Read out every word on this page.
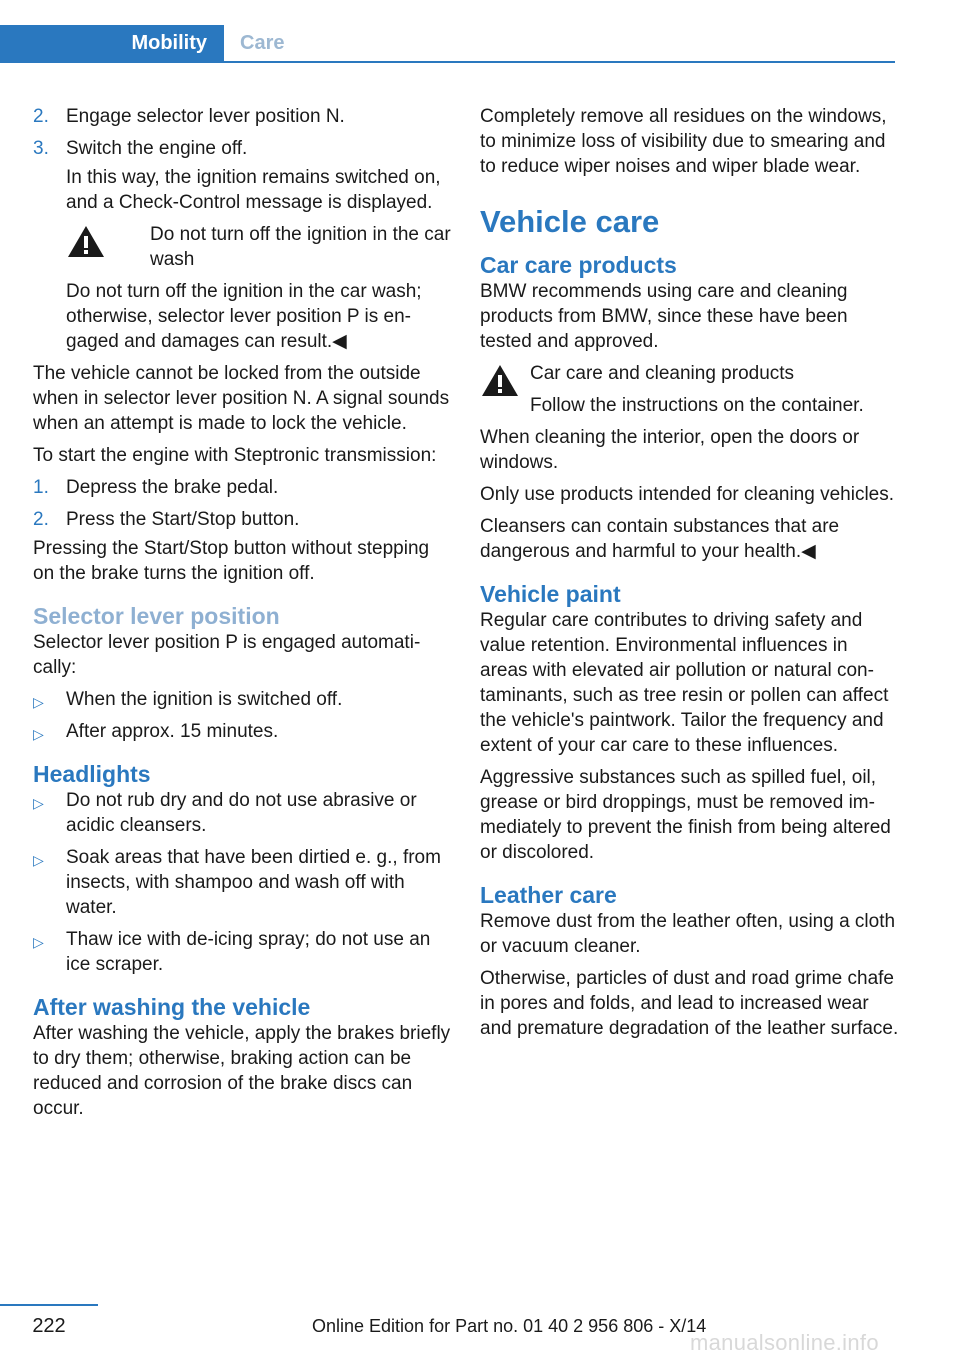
Mobility	Care
2. Engage selector lever position N.
3. Switch the engine off.

In this way, the ignition remains switched on, and a Check-Control message is displayed.

Do not turn off the ignition in the car wash

Do not turn off the ignition in the car wash; otherwise, selector lever position P is engaged and damages can result.◀

The vehicle cannot be locked from the outside when in selector lever position N. A signal sounds when an attempt is made to lock the vehicle.

To start the engine with Steptronic transmission:

1. Depress the brake pedal.
2. Press the Start/Stop button.

Pressing the Start/Stop button without stepping on the brake turns the ignition off.

Selector lever position

Selector lever position P is engaged automatically:

▷ When the ignition is switched off.
▷ After approx. 15 minutes.
Headlights
▷ Do not rub dry and do not use abrasive or acidic cleansers.
▷ Soak areas that have been dirtied e. g., from insects, with shampoo and wash off with water.
▷ Thaw ice with de-icing spray; do not use an ice scraper.
After washing the vehicle

After washing the vehicle, apply the brakes briefly to dry them; otherwise, braking action can be reduced and corrosion of the brake discs can occur.

Completely remove all residues on the windows, to minimize loss of visibility due to smearing and to reduce wiper noises and wiper blade wear.

Vehicle care
Car care products

BMW recommends using care and cleaning products from BMW, since these have been tested and approved.

Car care and cleaning products
Follow the instructions on the container.

When cleaning the interior, open the doors or windows.

Only use products intended for cleaning vehicles.

Cleansers can contain substances that are dangerous and harmful to your health.◀

Vehicle paint

Regular care contributes to driving safety and value retention. Environmental influences in areas with elevated air pollution or natural contaminants, such as tree resin or pollen can affect the vehicle's paintwork. Tailor the frequency and extent of your car care to these influences.

Aggressive substances such as spilled fuel, oil, grease or bird droppings, must be removed immediately to prevent the finish from being altered or discolored.

Leather care

Remove dust from the leather often, using a cloth or vacuum cleaner.

Otherwise, particles of dust and road grime chafe in pores and folds, and lead to increased wear and premature degradation of the leather surface.

222	Online Edition for Part no. 01 40 2 956 806 - X/14
manualsonline.info
